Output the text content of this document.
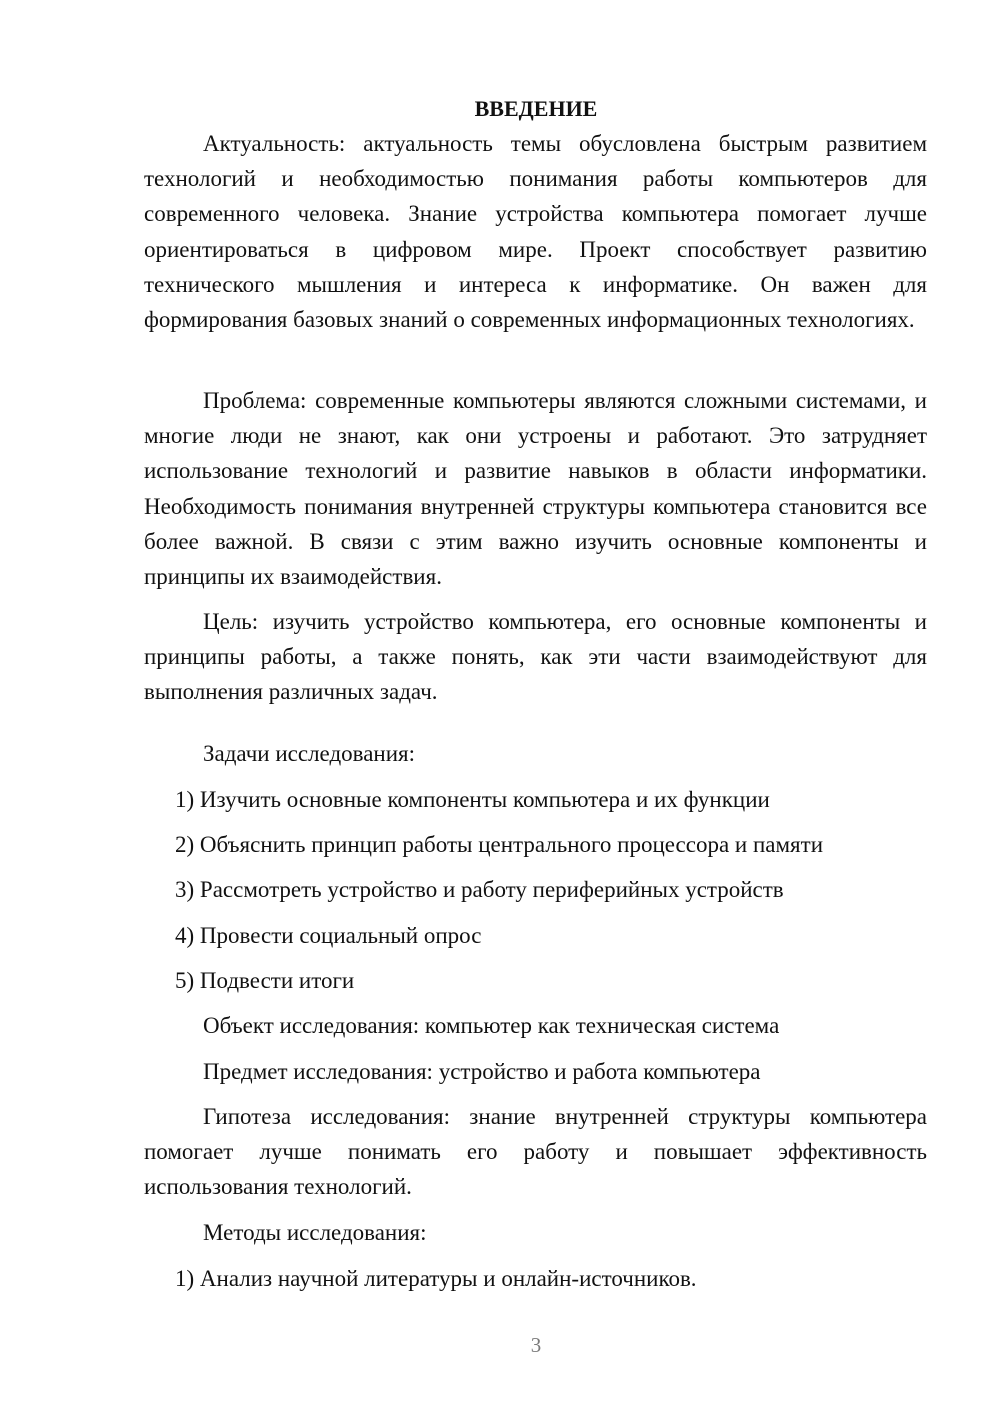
ВВЕДЕНИЕ

Актуальность: актуальность темы обусловлена быстрым развитием технологий и необходимостью понимания работы компьютеров для современного человека. Знание устройства компьютера помогает лучше ориентироваться в цифровом мире. Проект способствует развитию технического мышления и интереса к информатике. Он важен для формирования базовых знаний о современных информационных технологиях.

Проблема: современные компьютеры являются сложными системами, и многие люди не знают, как они устроены и работают. Это затрудняет использование технологий и развитие навыков в области информатики. Необходимость понимания внутренней структуры компьютера становится все более важной. В связи с этим важно изучить основные компоненты и принципы их взаимодействия.

Цель: изучить устройство компьютера, его основные компоненты и принципы работы, а также понять, как эти части взаимодействуют для выполнения различных задач.

Задачи исследования:
1) Изучить основные компоненты компьютера и их функции
2) Объяснить принцип работы центрального процессора и памяти
3) Рассмотреть устройство и работу периферийных устройств
4) Провести социальный опрос
5) Подвести итоги
Объект исследования: компьютер как техническая система
Предмет исследования: устройство и работа компьютера

Гипотеза исследования: знание внутренней структуры компьютера помогает лучше понимать его работу и повышает эффективность использования технологий.

Методы исследования:
1) Анализ научной литературы и онлайн-источников.
3
